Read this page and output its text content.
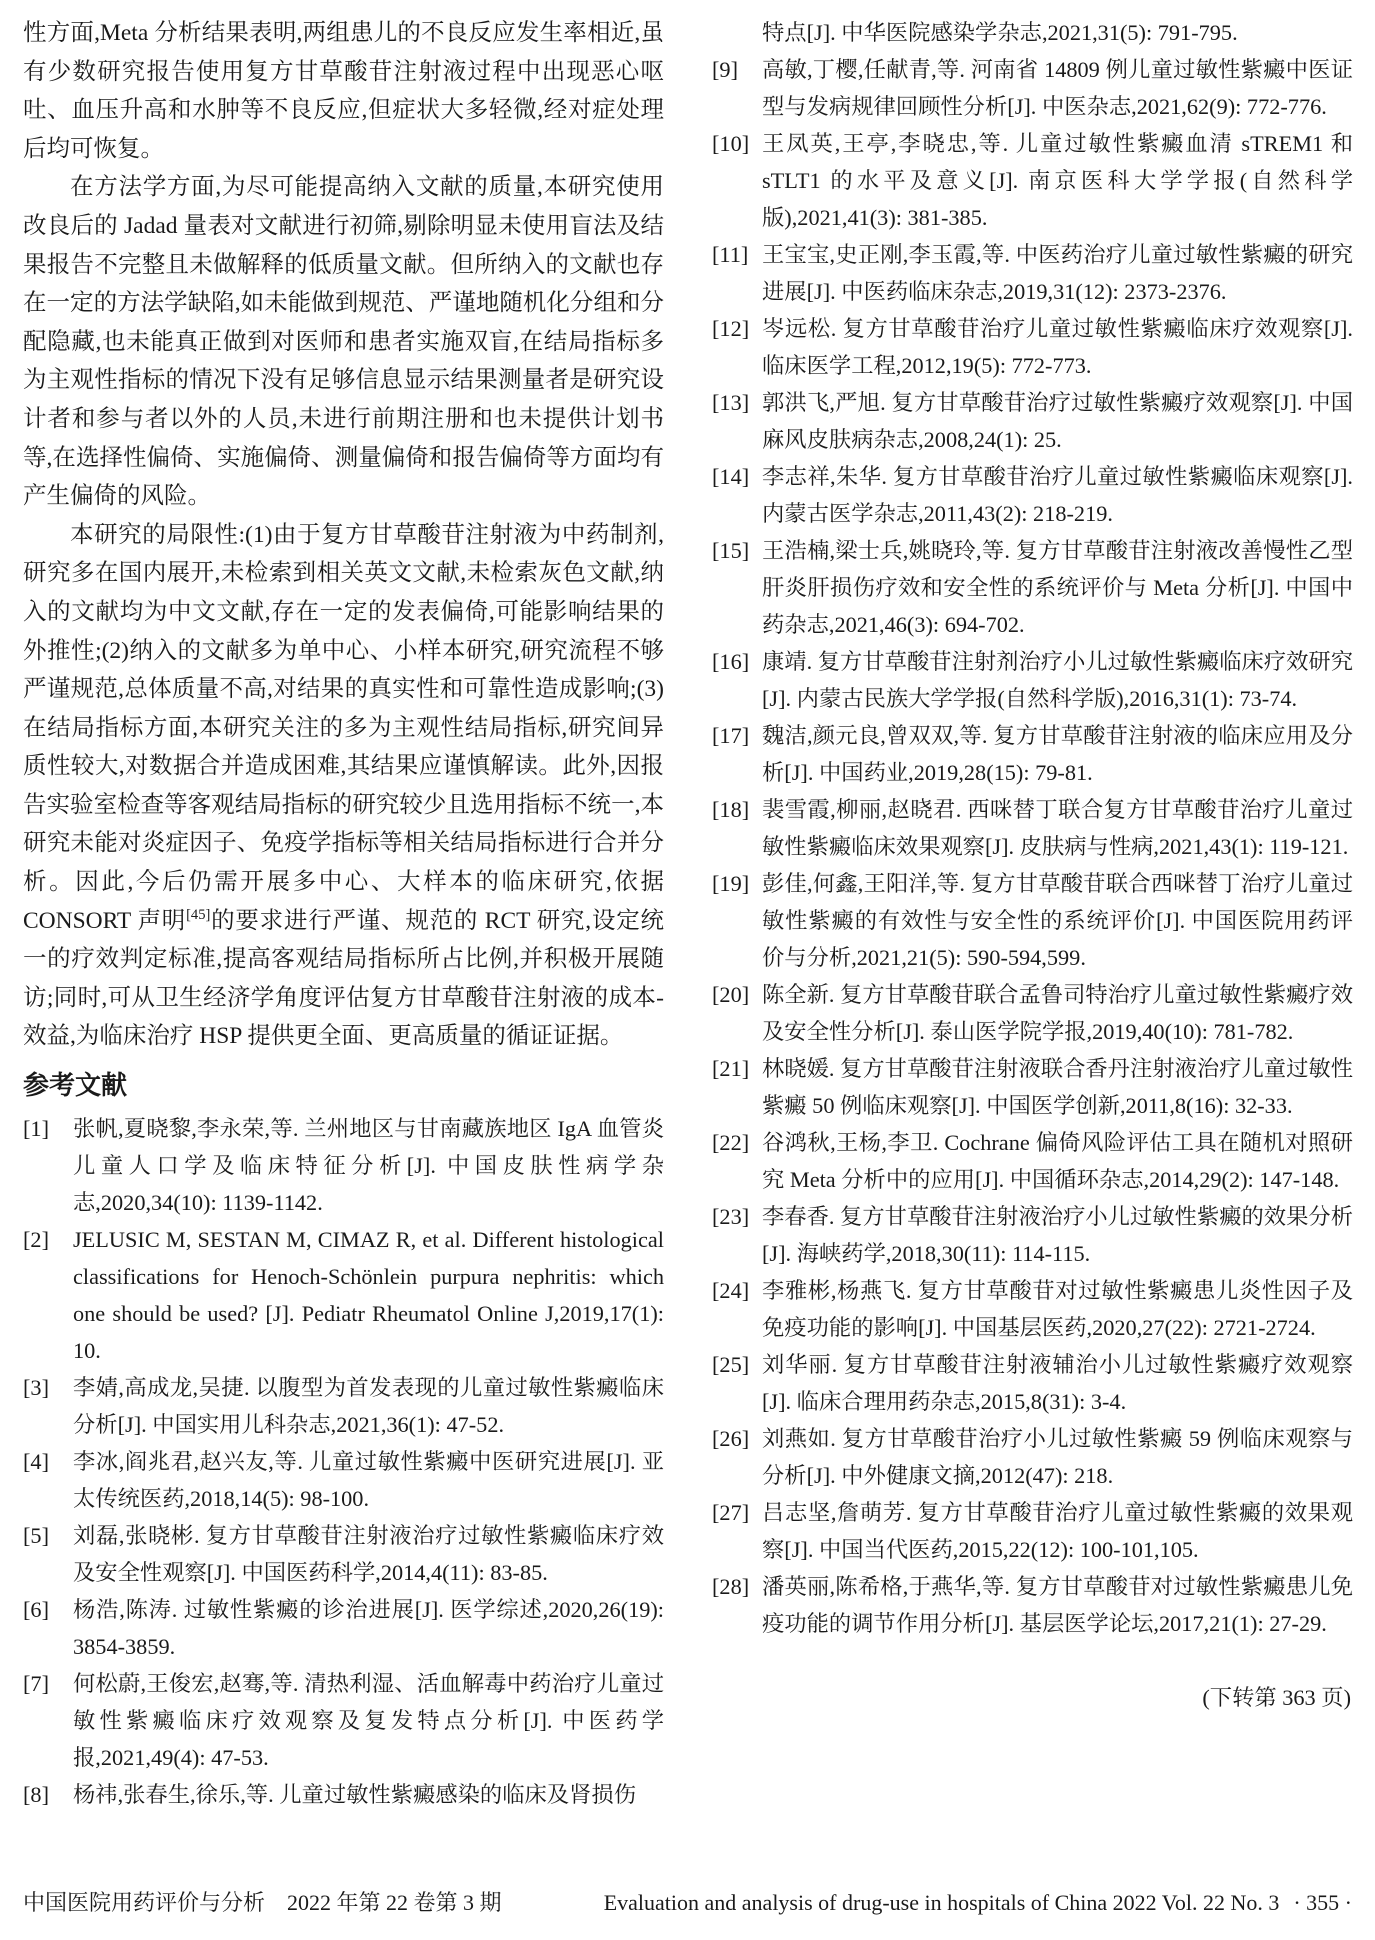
性方面,Meta 分析结果表明,两组患儿的不良反应发生率相近,虽有少数研究报告使用复方甘草酸苷注射液过程中出现恶心呕吐、血压升高和水肿等不良反应,但症状大多轻微,经对症处理后均可恢复。

在方法学方面,为尽可能提高纳入文献的质量,本研究使用改良后的 Jadad 量表对文献进行初筛,剔除明显未使用盲法及结果报告不完整且未做解释的低质量文献。但所纳入的文献也存在一定的方法学缺陷,如未能做到规范、严谨地随机化分组和分配隐藏,也未能真正做到对医师和患者实施双盲,在结局指标多为主观性指标的情况下没有足够信息显示结果测量者是研究设计者和参与者以外的人员,未进行前期注册和也未提供计划书等,在选择性偏倚、实施偏倚、测量偏倚和报告偏倚等方面均有产生偏倚的风险。

本研究的局限性:(1)由于复方甘草酸苷注射液为中药制剂,研究多在国内展开,未检索到相关英文文献,未检索灰色文献,纳入的文献均为中文文献,存在一定的发表偏倚,可能影响结果的外推性;(2)纳入的文献多为单中心、小样本研究,研究流程不够严谨规范,总体质量不高,对结果的真实性和可靠性造成影响;(3)在结局指标方面,本研究关注的多为主观性结局指标,研究间异质性较大,对数据合并造成困难,其结果应谨慎解读。此外,因报告实验室检查等客观结局指标的研究较少且选用指标不统一,本研究未能对炎症因子、免疫学指标等相关结局指标进行合并分析。因此,今后仍需开展多中心、大样本的临床研究,依据 CONSORT 声明[45]的要求进行严谨、规范的 RCT 研究,设定统一的疗效判定标准,提高客观结局指标所占比例,并积极开展随访;同时,可从卫生经济学角度评估复方甘草酸苷注射液的成本-效益,为临床治疗 HSP 提供更全面、更高质量的循证证据。

参考文献
[1]	张帆,夏晓黎,李永荣,等. 兰州地区与甘南藏族地区 IgA 血管炎儿童人口学及临床特征分析[J]. 中国皮肤性病学杂志,2020,34(10): 1139-1142.
[2]	JELUSIC M, SESTAN M, CIMAZ R, et al. Different histological classifications for Henoch-Schönlein purpura nephritis: which one should be used? [J]. Pediatr Rheumatol Online J,2019,17(1): 10.
[3]	李婧,高成龙,吴捷. 以腹型为首发表现的儿童过敏性紫癜临床分析[J]. 中国实用儿科杂志,2021,36(1): 47-52.
[4]	李冰,阎兆君,赵兴友,等. 儿童过敏性紫癜中医研究进展[J]. 亚太传统医药,2018,14(5): 98-100.
[5]	刘磊,张晓彬. 复方甘草酸苷注射液治疗过敏性紫癜临床疗效及安全性观察[J]. 中国医药科学,2014,4(11): 83-85.
[6]	杨浩,陈涛. 过敏性紫癜的诊治进展[J]. 医学综述,2020,26(19): 3854-3859.
[7]	何松蔚,王俊宏,赵骞,等. 清热利湿、活血解毒中药治疗儿童过敏性紫癜临床疗效观察及复发特点分析[J]. 中医药学报,2021,49(4): 47-53.
[8]	杨祎,张春生,徐乐,等. 儿童过敏性紫癜感染的临床及肾损伤
特点[J]. 中华医院感染学杂志,2021,31(5): 791-795.
[9]	高敏,丁樱,任献青,等. 河南省 14809 例儿童过敏性紫癜中医证型与发病规律回顾性分析[J]. 中医杂志,2021,62(9): 772-776.
[10] 王凤英,王亭,李晓忠,等. 儿童过敏性紫癜血清 sTREM1 和 sTLT1 的水平及意义[J]. 南京医科大学学报(自然科学版),2021,41(3): 381-385.
[11] 王宝宝,史正刚,李玉霞,等. 中医药治疗儿童过敏性紫癜的研究进展[J]. 中医药临床杂志,2019,31(12): 2373-2376.
[12] 岑远松. 复方甘草酸苷治疗儿童过敏性紫癜临床疗效观察[J]. 临床医学工程,2012,19(5): 772-773.
[13] 郭洪飞,严旭. 复方甘草酸苷治疗过敏性紫癜疗效观察[J]. 中国麻风皮肤病杂志,2008,24(1): 25.
[14] 李志祥,朱华. 复方甘草酸苷治疗儿童过敏性紫癜临床观察[J]. 内蒙古医学杂志,2011,43(2): 218-219.
[15] 王浩楠,梁士兵,姚晓玲,等. 复方甘草酸苷注射液改善慢性乙型肝炎肝损伤疗效和安全性的系统评价与 Meta 分析[J]. 中国中药杂志,2021,46(3): 694-702.
[16] 康靖. 复方甘草酸苷注射剂治疗小儿过敏性紫癜临床疗效研究[J]. 内蒙古民族大学学报(自然科学版),2016,31(1): 73-74.
[17] 魏洁,颜元良,曾双双,等. 复方甘草酸苷注射液的临床应用及分析[J]. 中国药业,2019,28(15): 79-81.
[18] 裴雪霞,柳丽,赵晓君. 西咪替丁联合复方甘草酸苷治疗儿童过敏性紫癜临床效果观察[J]. 皮肤病与性病,2021,43(1): 119-121.
[19] 彭佳,何鑫,王阳洋,等. 复方甘草酸苷联合西咪替丁治疗儿童过敏性紫癜的有效性与安全性的系统评价[J]. 中国医院用药评价与分析,2021,21(5): 590-594,599.
[20] 陈全新. 复方甘草酸苷联合孟鲁司特治疗儿童过敏性紫癜疗效及安全性分析[J]. 泰山医学院学报,2019,40(10): 781-782.
[21] 林晓媛. 复方甘草酸苷注射液联合香丹注射液治疗儿童过敏性紫癜 50 例临床观察[J]. 中国医学创新,2011,8(16): 32-33.
[22] 谷鸿秋,王杨,李卫. Cochrane 偏倚风险评估工具在随机对照研究 Meta 分析中的应用[J]. 中国循环杂志,2014,29(2): 147-148.
[23] 李春香. 复方甘草酸苷注射液治疗小儿过敏性紫癜的效果分析[J]. 海峡药学,2018,30(11): 114-115.
[24] 李雅彬,杨燕飞. 复方甘草酸苷对过敏性紫癜患儿炎性因子及免疫功能的影响[J]. 中国基层医药,2020,27(22): 2721-2724.
[25] 刘华丽. 复方甘草酸苷注射液辅治小儿过敏性紫癜疗效观察[J]. 临床合理用药杂志,2015,8(31): 3-4.
[26] 刘燕如. 复方甘草酸苷治疗小儿过敏性紫癜 59 例临床观察与分析[J]. 中外健康文摘,2012(47): 218.
[27] 吕志坚,詹萌芳. 复方甘草酸苷治疗儿童过敏性紫癜的效果观察[J]. 中国当代医药,2015,22(12): 100-101,105.
[28] 潘英丽,陈希格,于燕华,等. 复方甘草酸苷对过敏性紫癜患儿免疫功能的调节作用分析[J]. 基层医学论坛,2017,21(1): 27-29.
(下转第 363 页)
中国医院用药评价与分析　2022 年第 22 卷第 3 期	Evaluation and analysis of drug-use in hospitals of China 2022 Vol. 22 No. 3 · 355 ·
